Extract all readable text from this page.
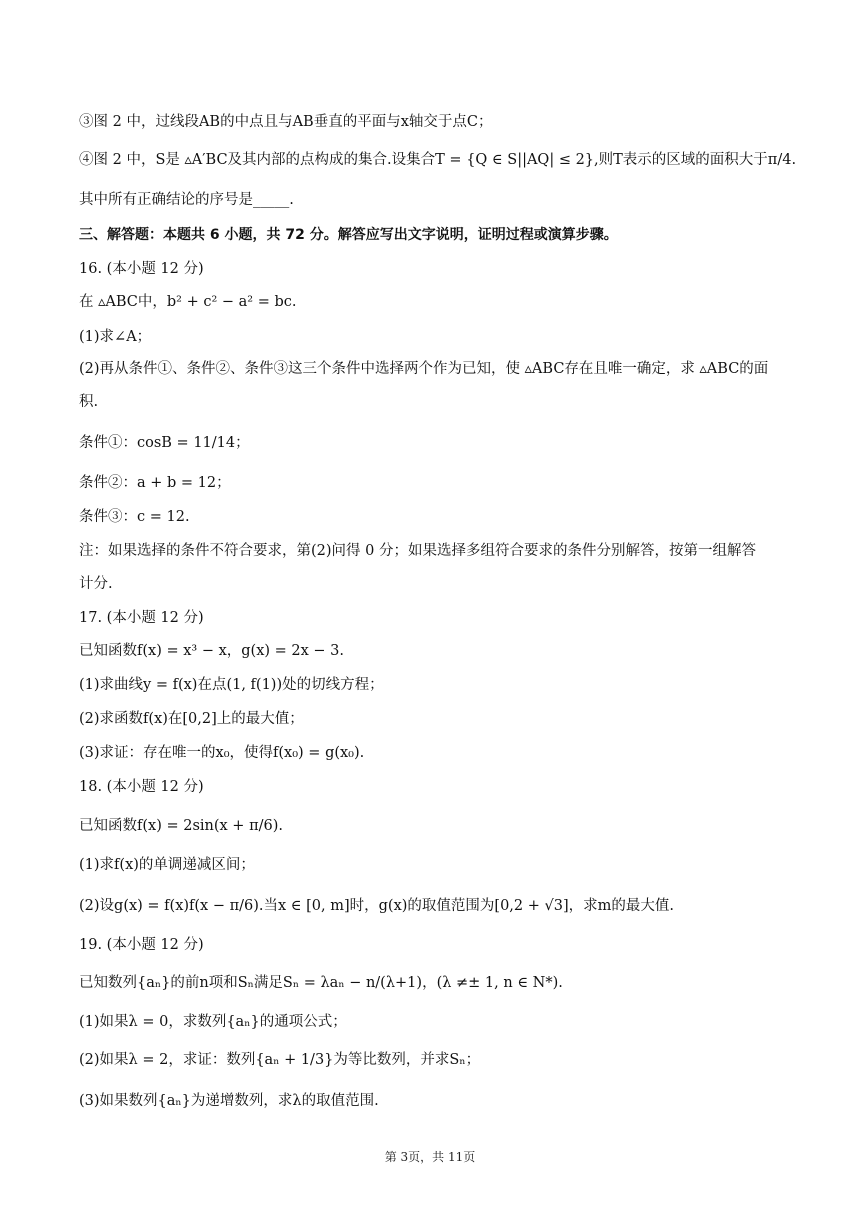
③图 2 中，过线段AB的中点且与AB垂直的平面与x轴交于点C；
④图 2 中，S是 ▵A′BC及其内部的点构成的集合.设集合T = {Q ∈ S||AQ| ≤ 2},则T表示的区域的面积大于π/4.
其中所有正确结论的序号是_____.
三、解答题：本题共 6 小题，共 72 分。解答应写出文字说明，证明过程或演算步骤。
16. (本小题 12 分)
在 ▵ABC中，b² + c² − a² = bc.
(1)求∠A；
(2)再从条件①、条件②、条件③这三个条件中选择两个作为已知，使 ▵ABC存在且唯一确定，求 ▵ABC的面
积.
条件①：cosB = 11/14；
条件②：a + b = 12；
条件③：c = 12.
注：如果选择的条件不符合要求，第(2)问得 0 分；如果选择多组符合要求的条件分别解答，按第一组解答
计分.
17. (本小题 12 分)
已知函数f(x) = x³ − x，g(x) = 2x − 3.
(1)求曲线y = f(x)在点(1, f(1))处的切线方程；
(2)求函数f(x)在[0,2]上的最大值；
(3)求证：存在唯一的x₀，使得f(x₀) = g(x₀).
18. (本小题 12 分)
已知函数f(x) = 2sin(x + π/6).
(1)求f(x)的单调递减区间；
(2)设g(x) = f(x)f(x − π/6).当x ∈ [0, m]时，g(x)的取值范围为[0,2 + √3]，求m的最大值.
19. (本小题 12 分)
已知数列{aₙ}的前n项和Sₙ满足Sₙ = λaₙ − n/(λ+1)，(λ ≠± 1, n ∈ N*).
(1)如果λ = 0，求数列{aₙ}的通项公式；
(2)如果λ = 2，求证：数列{aₙ + 1/3}为等比数列，并求Sₙ；
(3)如果数列{aₙ}为递增数列，求λ的取值范围.
第 3页，共 11页
